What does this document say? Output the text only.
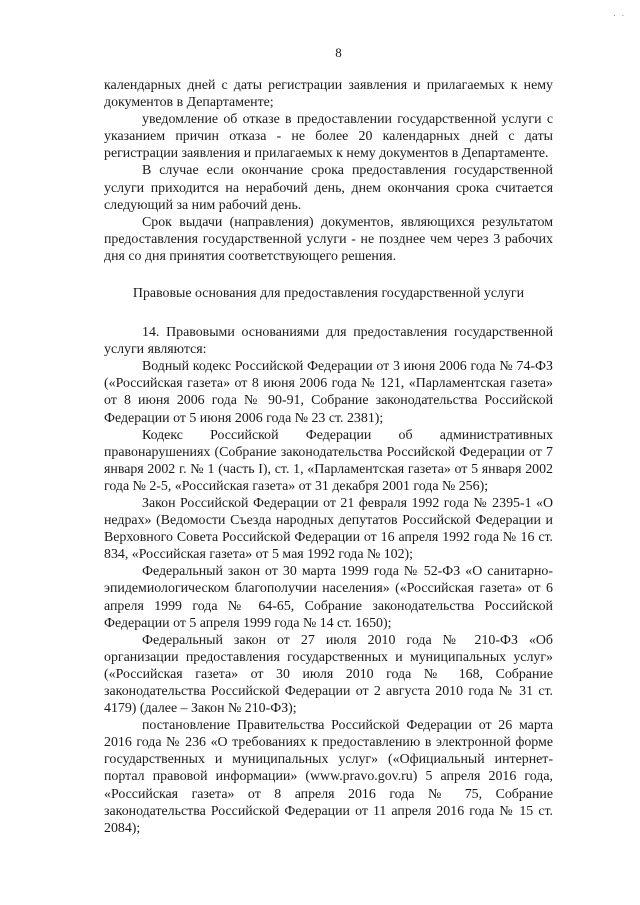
. .
8

календарных дней с даты регистрации заявления и прилагаемых к нему документов в Департаменте;

уведомление об отказе в предоставлении государственной услуги с указанием причин отказа - не более 20 календарных дней с даты регистрации заявления и прилагаемых к нему документов в Департаменте.

В случае если окончание срока предоставления государственной услуги приходится на нерабочий день, днем окончания срока считается следующий за ним рабочий день.

Срок выдачи (направления) документов, являющихся результатом предоставления государственной услуги - не позднее чем через 3 рабочих дня со дня принятия соответствующего решения.

Правовые основания для предоставления государственной услуги

14. Правовыми основаниями для предоставления государственной услуги являются:

Водный кодекс Российской Федерации от 3 июня 2006 года № 74-ФЗ («Российская газета» от 8 июня 2006 года № 121, «Парламентская газета» от 8 июня 2006 года № 90-91, Собрание законодательства Российской Федерации от 5 июня 2006 года № 23 ст. 2381);

Кодекс Российской Федерации об административных правонарушениях (Собрание законодательства Российской Федерации от 7 января 2002 г. № 1 (часть I), ст. 1, «Парламентская газета» от 5 января 2002 года № 2-5, «Российская газета» от 31 декабря 2001 года № 256);

Закон Российской Федерации от 21 февраля 1992 года № 2395-1 «О недрах» (Ведомости Съезда народных депутатов Российской Федерации и Верховного Совета Российской Федерации от 16 апреля 1992 года № 16 ст. 834, «Российская газета» от 5 мая 1992 года № 102);

Федеральный закон от 30 марта 1999 года № 52-ФЗ «О санитарно-эпидемиологическом благополучии населения» («Российская газета» от 6 апреля 1999 года № 64-65, Собрание законодательства Российской Федерации от 5 апреля 1999 года № 14 ст. 1650);

Федеральный закон от 27 июля 2010 года № 210-ФЗ «Об организации предоставления государственных и муниципальных услуг» («Российская газета» от 30 июля 2010 года № 168, Собрание законодательства Российской Федерации от 2 августа 2010 года № 31 ст. 4179) (далее – Закон № 210-ФЗ);

постановление Правительства Российской Федерации от 26 марта 2016 года № 236 «О требованиях к предоставлению в электронной форме государственных и муниципальных услуг» («Официальный интернет-портал правовой информации» (www.pravo.gov.ru) 5 апреля 2016 года, «Российская газета» от 8 апреля 2016 года № 75, Собрание законодательства Российской Федерации от 11 апреля 2016 года № 15 ст. 2084);
